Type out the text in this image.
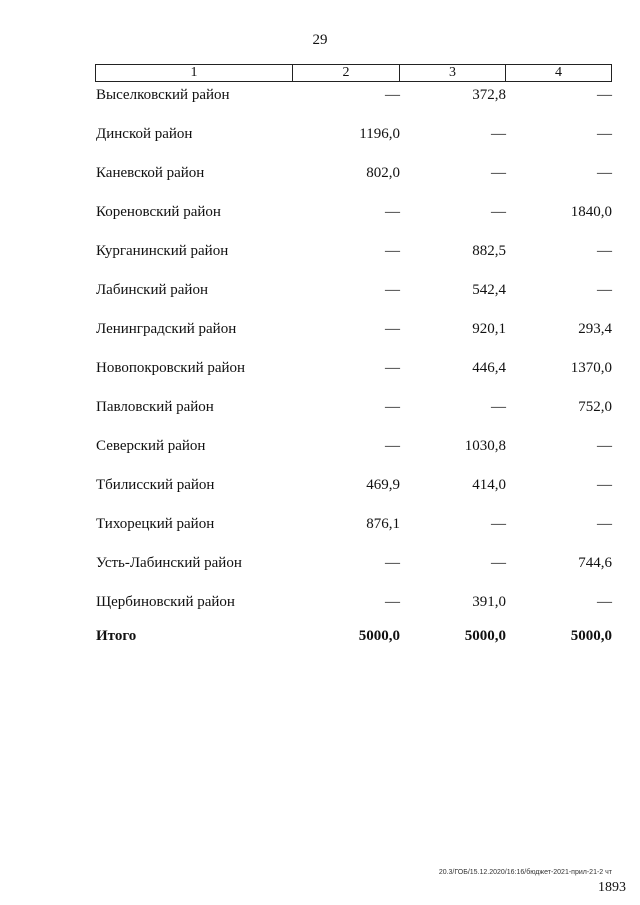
29
1	2	3	4
Выселковский район	—	372,8	—
Динской район	1196,0	—	—
Каневской район	802,0	—	—
Кореновский район	—	—	1840,0
Курганинский район	—	882,5	—
Лабинский район	—	542,4	—
Ленинградский район	—	920,1	293,4
Новопокровский район	—	446,4	1370,0
Павловский район	—	—	752,0
Северский район	—	1030,8	—
Тбилисский район	469,9	414,0	—
Тихорецкий район	876,1	—	—
Усть-Лабинский район	—	—	744,6
Щербиновский район	—	391,0	—
Итого	5000,0	5000,0	5000,0
20.3/ГОБ/15.12.2020/16:16/бюджет-2021-прил-21-2 чт
1893
